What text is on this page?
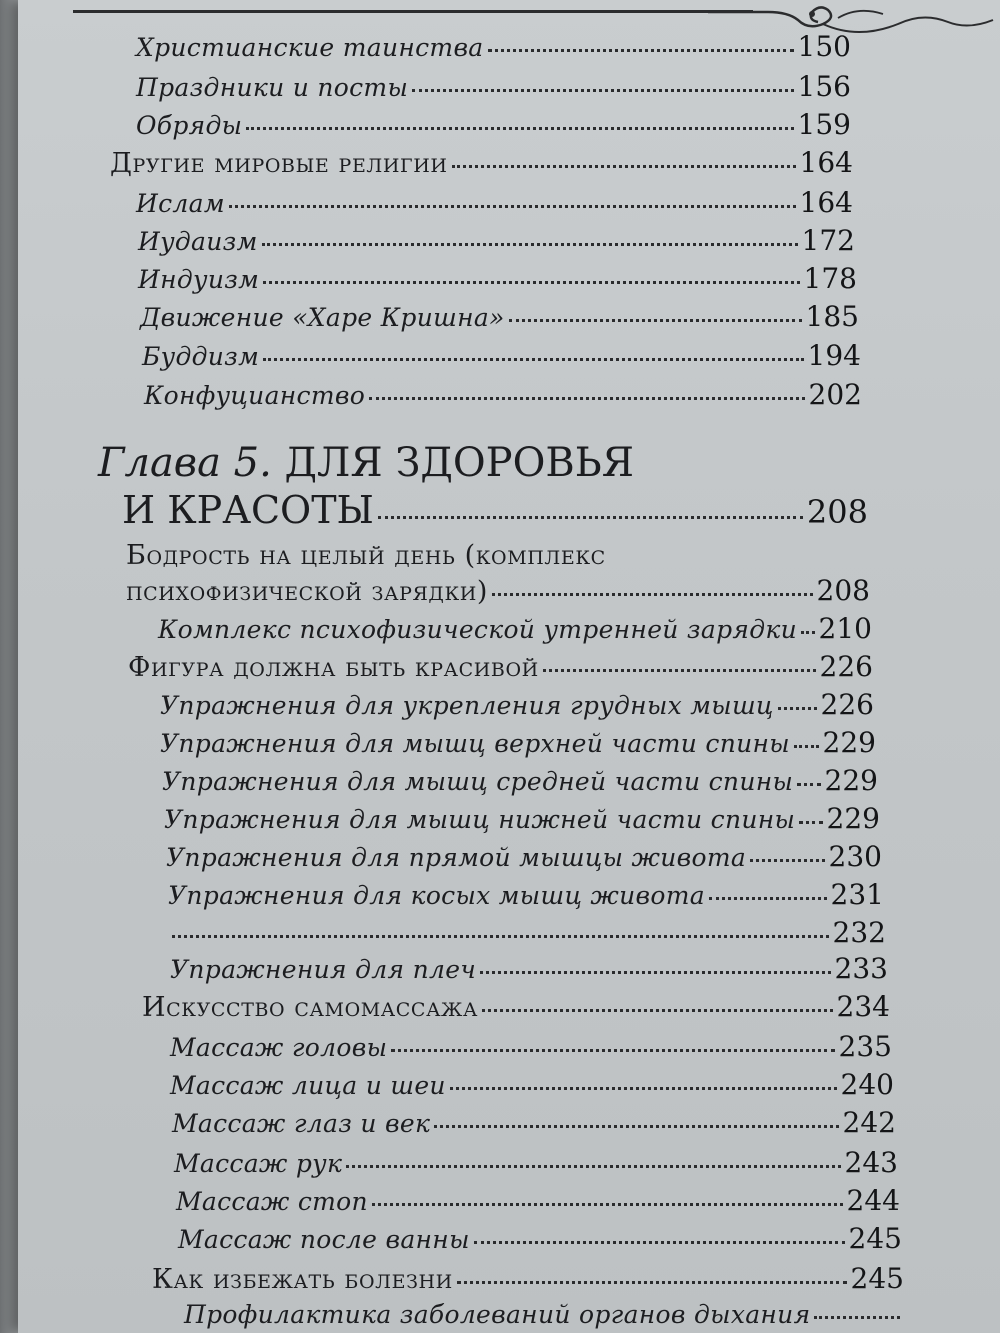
Христианские таинства	150
Праздники и посты	156
Обряды	159
Другие мировые религии	164
Ислам	164
Иудаизм	172
Индуизм	178
Движение «Харе Кришна»	185
Буддизм	194
Конфуцианство	202
Глава 5. ДЛЯ ЗДОРОВЬЯ
И КРАСОТЫ	208
Бодрость на целый день (комплекс
психофизической зарядки)	208
Комплекс психофизической утренней зарядки 210
Фигура должна быть красивой	226
Упражнения для укрепления грудных мышц 226
Упражнения для мышц верхней части спины 229
Упражнения для мышц средней части спины 229
Упражнения для мышц нижней части спины 229
Упражнения для прямой мышцы живота	230
Упражнения для косых мышц живота	231
232
Упражнения для плеч	233
Искусство самомассажа	234
Массаж головы	235
Массаж лица и шеи	240
Массаж глаз и век	242
Массаж рук	243
Массаж стоп	244
Массаж после ванны	245
Как избежать болезни	245
Профилактика заболеваний органов дыхания
